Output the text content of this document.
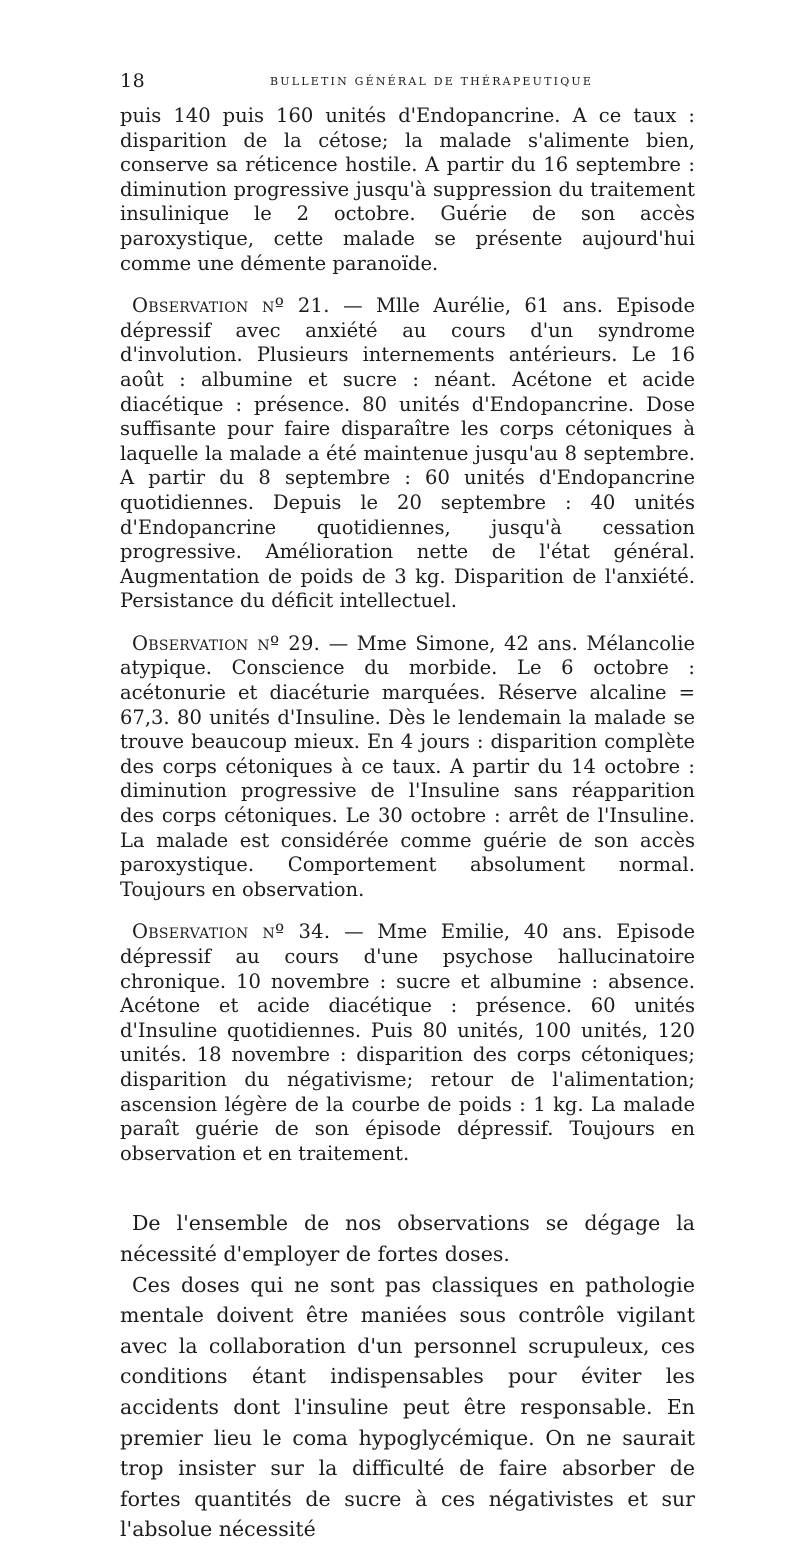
18	BULLETIN GÉNÉRAL DE THÉRAPEUTIQUE

puis 140 puis 160 unités d'Endopancrine. A ce taux : disparition de la cétose; la malade s'alimente bien, conserve sa réticence hostile. A partir du 16 septembre : diminution progressive jusqu'à suppression du traitement insulinique le 2 octobre. Guérie de son accès paroxystique, cette malade se présente aujourd'hui comme une démente paranoïde.

Observation nº 21. — Mlle Aurélie, 61 ans. Episode dépressif avec anxiété au cours d'un syndrome d'involution. Plusieurs internements antérieurs. Le 16 août : albumine et sucre : néant. Acétone et acide diacétique : présence. 80 unités d'Endopancrine. Dose suffisante pour faire disparaître les corps cétoniques à laquelle la malade a été maintenue jusqu'au 8 septembre. A partir du 8 septembre : 60 unités d'Endopancrine quotidiennes. Depuis le 20 septembre : 40 unités d'Endopancrine quotidiennes, jusqu'à cessation progressive. Amélioration nette de l'état général. Augmentation de poids de 3 kg. Disparition de l'anxiété. Persistance du déficit intellectuel.

Observation nº 29. — Mme Simone, 42 ans. Mélancolie atypique. Conscience du morbide. Le 6 octobre : acétonurie et diacéturie marquées. Réserve alcaline = 67,3. 80 unités d'Insuline. Dès le lendemain la malade se trouve beaucoup mieux. En 4 jours : disparition complète des corps cétoniques à ce taux. A partir du 14 octobre : diminution progressive de l'Insuline sans réapparition des corps cétoniques. Le 30 octobre : arrêt de l'Insuline. La malade est considérée comme guérie de son accès paroxystique. Comportement absolument normal. Toujours en observation.

Observation nº 34. — Mme Emilie, 40 ans. Episode dépressif au cours d'une psychose hallucinatoire chronique. 10 novembre : sucre et albumine : absence. Acétone et acide diacétique : présence. 60 unités d'Insuline quotidiennes. Puis 80 unités, 100 unités, 120 unités. 18 novembre : disparition des corps cétoniques; disparition du négativisme; retour de l'alimentation; ascension légère de la courbe de poids : 1 kg. La malade paraît guérie de son épisode dépressif. Toujours en observation et en traitement.

De l'ensemble de nos observations se dégage la nécessité d'employer de fortes doses.

Ces doses qui ne sont pas classiques en pathologie mentale doivent être maniées sous contrôle vigilant avec la collaboration d'un personnel scrupuleux, ces conditions étant indispensables pour éviter les accidents dont l'insuline peut être responsable. En premier lieu le coma hypoglycémique. On ne saurait trop insister sur la difficulté de faire absorber de fortes quantités de sucre à ces négativistes et sur l'absolue nécessité
